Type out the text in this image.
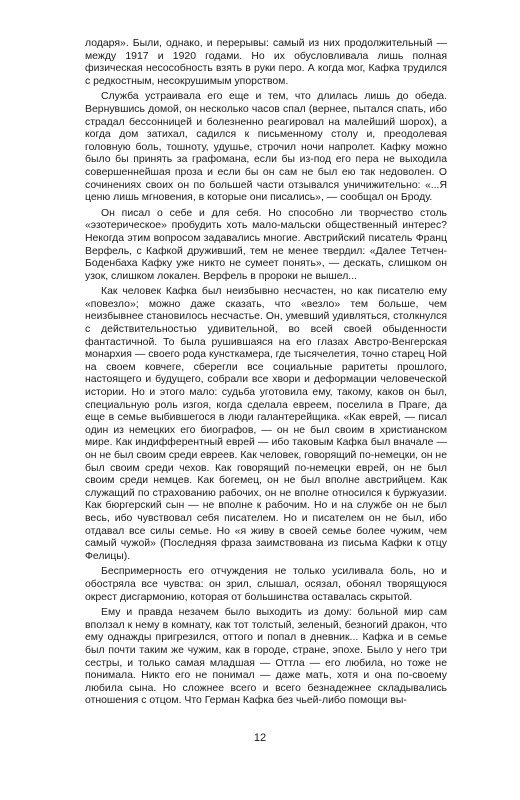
лодаря». Были, однако, и перерывы: самый из них продолжительный — между 1917 и 1920 годами. Но их обусловливала лишь полная физическая несособность взять в руки перо. А когда мог, Кафка трудился с редкостным, несокрушимым упорством.

Служба устраивала его еще и тем, что длилась лишь до обеда. Вернувшись домой, он несколько часов спал (вернее, пытался спать, ибо страдал бессонницей и болезненно реагировал на малейший шорох), а когда дом затихал, садился к письменному столу и, преодолевая головную боль, тошноту, удушье, строчил ночи напролет. Кафку можно было бы принять за графомана, если бы из-под его пера не выходила совершеннейшая проза и если бы он сам не был ею так недоволен. О сочинениях своих он по большей части отзывался уничижительно: «...Я ценю лишь мгновения, в которые они писались», — сообщал он Броду.

Он писал о себе и для себя. Но способно ли творчество столь «эзотерическое» пробудить хоть мало-мальски общественный интерес? Некогда этим вопросом задавались многие. Австрийский писатель Франц Верфель, с Кафкой друживший, тем не менее твердил: «Далее Тетчен-Боденбаха Кафку уже никто не сумеет понять», — дескать, слишком он узок, слишком локален. Верфель в пророки не вышел...

Как человек Кафка был неизбывно несчастен, но как писателю ему «повезло»; можно даже сказать, что «везло» тем больше, чем неизбывнее становилось несчастье. Он, умевший удивляться, столкнулся с действительностью удивительной, во всей своей обыденности фантастичной. То была рушившаяся на его глазах Австро-Венгерская монархия — своего рода кунсткамера, где тысячелетия, точно старец Ной на своем ковчеге, сберегли все социальные раритеты прошлого, настоящего и будущего, собрали все хвори и деформации человеческой истории. Но и этого мало: судьба уготовила ему, такому, каков он был, специальную роль изгоя, когда сделала евреем, поселила в Праге, да еще в семье выбившегося в люди галантерейщика. «Как еврей, — писал один из немецких его биографов, — он не был своим в христианском мире. Как индифферентный еврей — ибо таковым Кафка был вначале — он не был своим среди евреев. Как человек, говорящий по-немецки, он не был своим среди чехов. Как говорящий по-немецки еврей, он не был своим среди немцев. Как богемец, он не был вполне австрийцем. Как служащий по страхованию рабочих, он не вполне относился к буржуазии. Как бюргерский сын — не вполне к рабочим. Но и на службе он не был весь, ибо чувствовал себя писателем. Но и писателем он не был, ибо отдавал все силы семье. Но «я живу в своей семье более чужим, чем самый чужой» (Последняя фраза заимствована из письма Кафки к отцу Фелицы).

Беспримерность его отчуждения не только усиливала боль, но и обостряла все чувства: он зрил, слышал, осязал, обонял творящуюся окрест дисгармонию, которая от большинства оставалась скрытой.

Ему и правда незачем было выходить из дому: больной мир сам вползал к нему в комнату, как тот толстый, зеленый, безногий дракон, что ему однажды пригрезился, оттого и попал в дневник... Кафка и в семье был почти таким же чужим, как в городе, стране, эпохе. Было у него три сестры, и только самая младшая — Оттла — его любила, но тоже не понимала. Никто его не понимал — даже мать, хотя и она по-своему любила сына. Но сложнее всего и всего безнадежнее складывались отношения с отцом. Что Герман Кафка без чьей-либо помощи вы-

12
